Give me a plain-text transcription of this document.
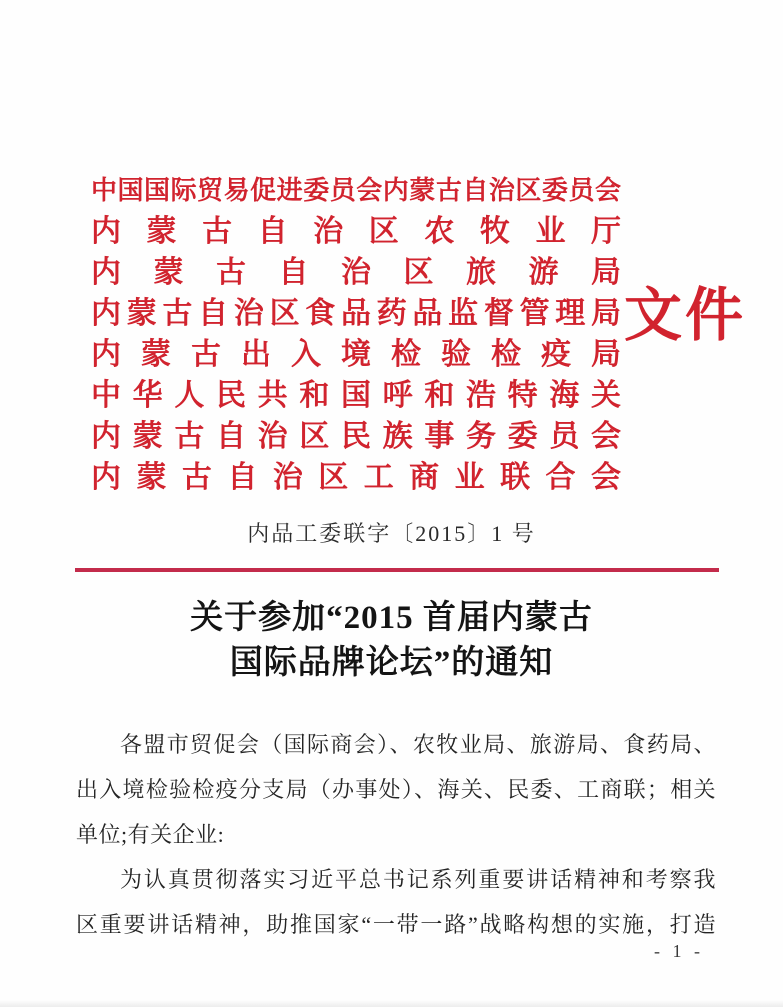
中国国际贸易促进委员会内蒙古自治区委员会
内蒙古自治区农牧业厅
内蒙古自治区旅游局
内蒙古自治区食品药品监督管理局
内蒙古出入境检验检疫局
中华人民共和国呼和浩特海关
内蒙古自治区民族事务委员会
内蒙古自治区工商业联合会
文件
内品工委联字〔2015〕1 号
关于参加“2015 首届内蒙古
国际品牌论坛”的通知
各盟市贸促会（国际商会）、农牧业局、旅游局、食药局、
出入境检验检疫分支局（办事处）、海关、民委、工商联；相关
单位;有关企业:
为认真贯彻落实习近平总书记系列重要讲话精神和考察我
区重要讲话精神，助推国家“一带一路”战略构想的实施，打造
- 1 -
